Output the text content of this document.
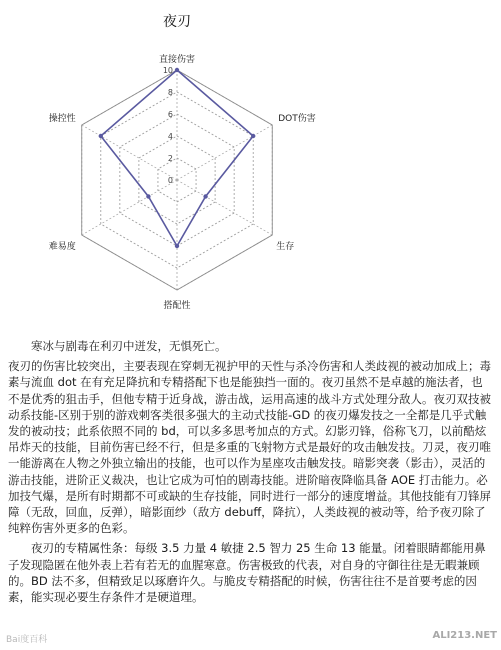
夜刃
0
2
4
6
8
10
直接伤害
DOT伤害
生存
搭配性
难易度
操控性

寒冰与剧毒在利刃中迸发，无惧死亡。

夜刃的伤害比较突出，主要表现在穿刺无视护甲的天性与杀冷伤害和人类歧视的被动加成上；毒素与流血 dot 在有充足降抗和专精搭配下也是能独挡一面的。夜刃虽然不是卓越的施法者，也不是优秀的狙击手，但他专精于近身战，游击战，运用高速的战斗方式处理分敌人。夜刃双技被动系技能-区别于别的游戏刺客类很多强大的主动式技能-GD 的夜刃爆发技之一全都是几乎式触发的被动技；此系依照不同的 bd，可以多多思考加点的方式。幻影刃锋，俗称飞刀，以前酷炫吊炸天的技能，目前伤害已经不行，但是多重的飞射物方式是最好的攻击触发技。刀灵，夜刃唯一能游离在人物之外独立输出的技能，也可以作为星座攻击触发技。暗影突袭（影击），灵活的游击技能，进阶正义裁决，也让它成为可怕的剧毒技能。进阶暗夜降临具备 AOE 打击能力。必加技气爆，是所有时期都不可或缺的生存技能，同时进行一部分的速度增益。其他技能有刀锋屏障（无敌，回血，反弹），暗影面纱（敌方 debuff，降抗），人类歧视的被动等，给予夜刃除了纯粹伤害外更多的色彩。

夜刃的专精属性条：每级 3.5 力量 4 敏捷 2.5 智力 25 生命 13 能量。闭着眼睛都能用鼻子发现隐匿在他外表上若有若无的血腥寒意。伤害极致的代表，对自身的守御往往是无暇兼顾的。BD 法不多，但精致足以琢磨许久。与脆皮专精搭配的时候，伤害往往不是首要考虑的因素，能实现必要生存条件才是硬道理。

Bai度百科	ALI213.NET
